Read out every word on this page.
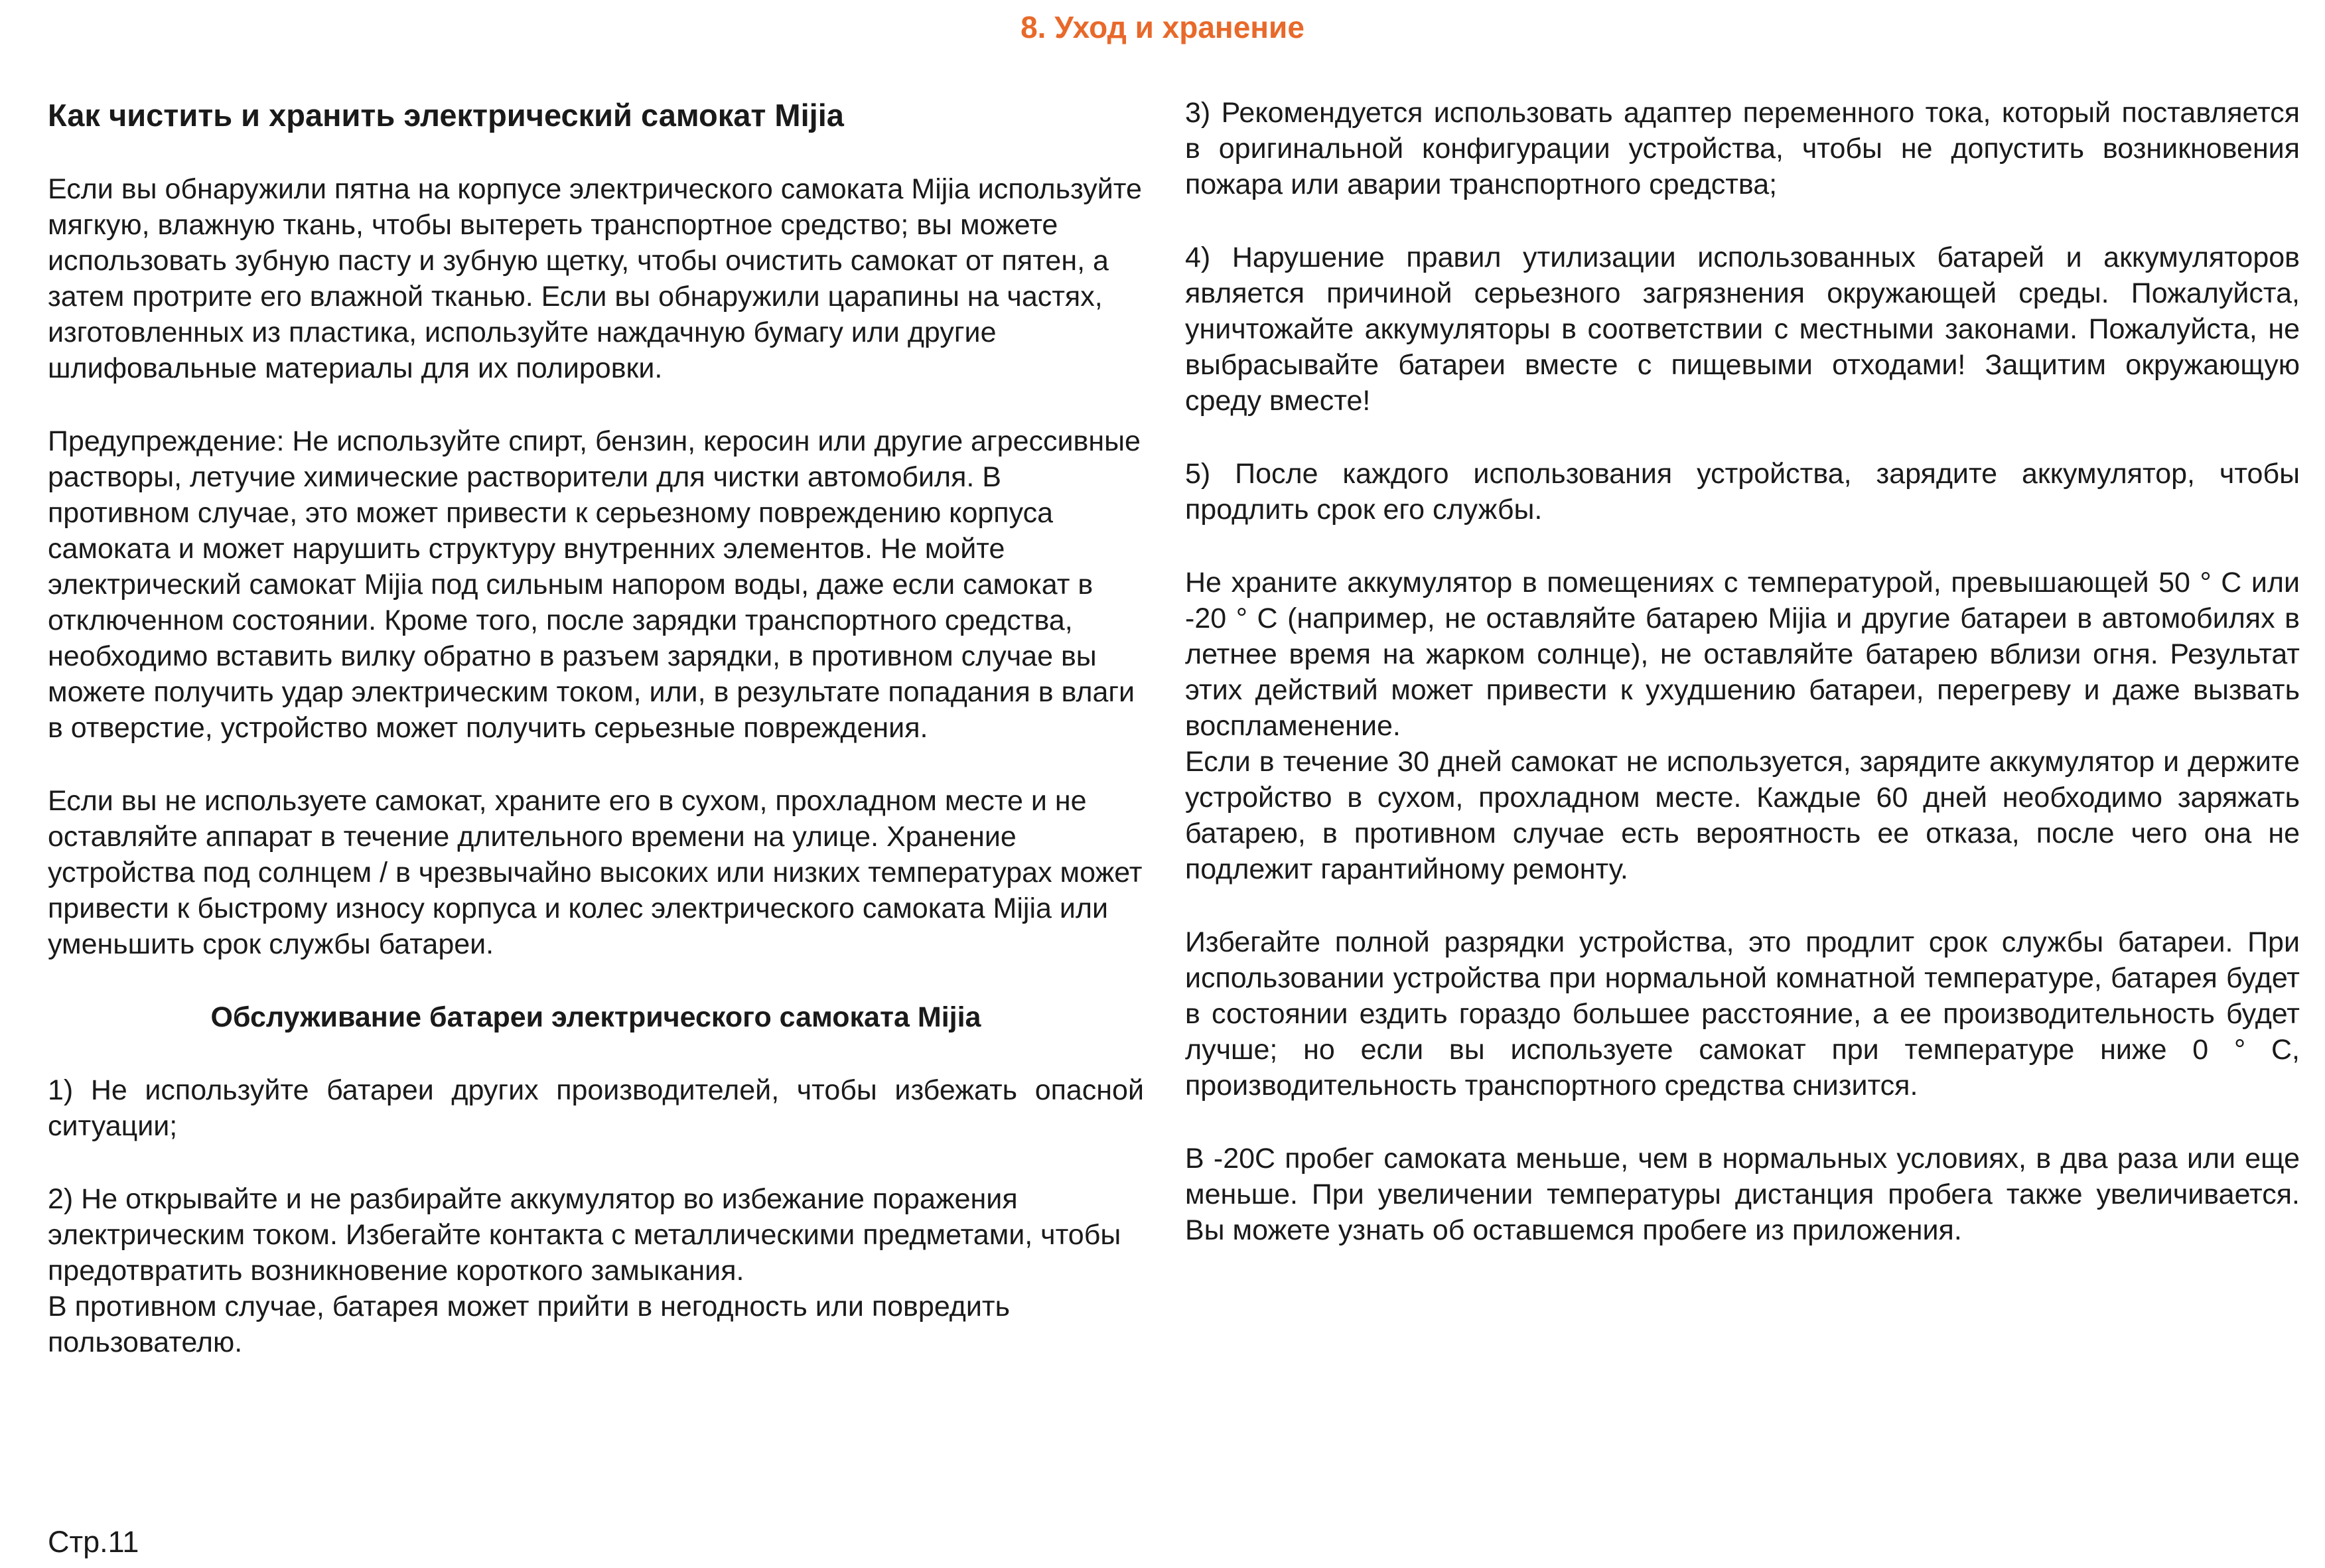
8. Уход и хранение

Как чистить и хранить электрический самокат Mijia

Если вы обнаружили пятна на корпусе электрического самоката Mijia используйте мягкую, влажную ткань, чтобы вытереть транспортное средство; вы можете использовать зубную пасту и зубную щетку, чтобы очистить самокат от пятен, а затем протрите его влажной тканью. Если вы обнаружили царапины на частях, изготовленных из пластика, используйте наждачную бумагу или другие шлифовальные материалы для их полировки.

Предупреждение: Не используйте спирт, бензин, керосин или другие агрессивные растворы, летучие химические растворители для чистки автомобиля. В противном случае, это может привести к серьезному повреждению корпуса самоката и может нарушить структуру внутренних элементов. Не мойте электрический самокат Mijia под сильным напором воды, даже если самокат в отключенном состоянии. Кроме того, после зарядки транспортного средства, необходимо вставить вилку обратно в разъем зарядки, в противном случае вы можете получить удар электрическим током, или, в результате попадания в влаги в отверстие, устройство может получить серьезные повреждения.

Если вы не используете самокат, храните его в сухом, прохладном месте и не оставляйте аппарат в течение длительного времени на улице. Хранение устройства под солнцем / в чрезвычайно высоких или низких температурах может привести к быстрому износу корпуса и колес электрического самоката Mijia или уменьшить срок службы батареи.

Обслуживание батареи электрического самоката Mijia

1) Не используйте батареи других производителей, чтобы избежать опасной ситуации;

2) Не открывайте и не разбирайте аккумулятор во избежание поражения электрическим током. Избегайте контакта с металлическими предметами, чтобы предотвратить возникновение короткого замыкания.

В противном случае, батарея может прийти в негодность или повредить пользователю.

3) Рекомендуется использовать адаптер переменного тока, который поставляется в оригинальной конфигурации устройства, чтобы не допустить возникновения пожара или аварии транспортного средства;

4) Нарушение правил утилизации использованных батарей и аккумуляторов является причиной серьезного загрязнения окружающей среды. Пожалуйста, уничтожайте аккумуляторы в соответствии с местными законами. Пожалуйста, не выбрасывайте батареи вместе с пищевыми отходами! Защитим окружающую среду вместе!

5) После каждого использования устройства, зарядите аккумулятор, чтобы продлить срок его службы.

Не храните аккумулятор в помещениях с температурой, превышающей 50 ° C или -20 ° C (например, не оставляйте батарею Mijia и другие батареи в автомобилях в летнее время на жарком солнце), не оставляйте батарею вблизи огня. Результат этих действий может привести к ухудшению батареи, перегреву и даже вызвать воспламенение.

Если в течение 30 дней самокат не используется, зарядите аккумулятор и держите устройство в сухом, прохладном месте. Каждые 60 дней необходимо заряжать батарею, в противном случае есть вероятность ее отказа, после чего она не подлежит гарантийному ремонту.

Избегайте полной разрядки устройства, это продлит срок службы батареи. При использовании устройства при нормальной комнатной температуре, батарея будет в состоянии ездить гораздо большее расстояние, а ее производительность будет лучше; но если вы используете самокат при температуре ниже 0 ° C, производительность транспортного средства снизится.

В -20С пробег самоката меньше, чем в нормальных условиях, в два раза или еще меньше. При увеличении температуры дистанция пробега также увеличивается. Вы можете узнать об оставшемся пробеге из приложения.

Стр.11
